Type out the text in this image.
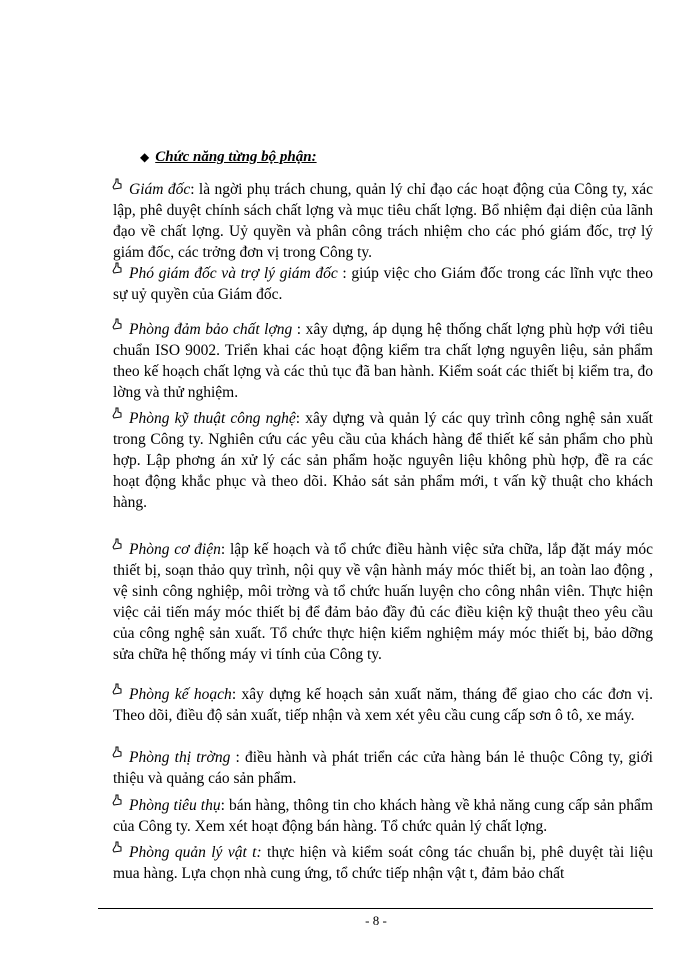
◆ Chức năng từng bộ phận:

Giám đốc: là ngời phụ trách chung, quản lý chỉ đạo các hoạt động của Công ty, xác lập, phê duyệt chính sách chất lợng và mục tiêu chất lợng. Bổ nhiệm đại diện của lãnh đạo về chất lợng. Uỷ quyền và phân công trách nhiệm cho các phó giám đốc, trợ lý giám đốc, các trởng đơn vị trong Công ty.

Phó giám đốc và trợ lý giám đốc : giúp việc cho Giám đốc trong các lĩnh vực theo sự uỷ quyền của Giám đốc.

Phòng đảm bảo chất lợng : xây dựng, áp dụng hệ thống chất lợng phù hợp với tiêu chuẩn ISO 9002. Triển khai các hoạt động kiểm tra chất lợng nguyên liệu, sản phẩm theo kế hoạch chất lợng và các thủ tục đã ban hành. Kiểm soát các thiết bị kiểm tra, đo lờng và thử nghiệm.

Phòng kỹ thuật công nghệ: xây dựng và quản lý các quy trình công nghệ sản xuất trong Công ty. Nghiên cứu các yêu cầu của khách hàng để thiết kế sản phẩm cho phù hợp. Lập phơng án xử lý các sản phẩm hoặc nguyên liệu không phù hợp, đề ra các hoạt động khắc phục và theo dõi. Khảo sát sản phẩm mới, t vấn kỹ thuật cho khách hàng.

Phòng cơ điện: lập kế hoạch và tổ chức điều hành việc sửa chữa, lắp đặt máy móc thiết bị, soạn thảo quy trình, nội quy về vận hành máy móc thiết bị, an toàn lao động , vệ sinh công nghiệp, môi trờng và tổ chức huấn luyện cho công nhân viên. Thực hiện việc cải tiến máy móc thiết bị để đảm bảo đầy đủ các điều kiện kỹ thuật theo yêu cầu của công nghệ sản xuất. Tổ chức thực hiện kiểm nghiệm máy móc thiết bị, bảo dỡng sửa chữa hệ thống máy vi tính của Công ty.

Phòng kế hoạch: xây dựng kế hoạch sản xuất năm, tháng để giao cho các đơn vị. Theo dõi, điều độ sản xuất, tiếp nhận và xem xét yêu cầu cung cấp sơn ô tô, xe máy.

Phòng thị trờng : điều hành và phát triển các cửa hàng bán lẻ thuộc Công ty, giới thiệu và quảng cáo sản phẩm.

Phòng tiêu thụ: bán hàng, thông tin cho khách hàng về khả năng cung cấp sản phẩm của Công ty. Xem xét hoạt động bán hàng. Tổ chức quản lý chất lợng.

Phòng quản lý vật t: thực hiện và kiểm soát công tác chuẩn bị, phê duyệt tài liệu mua hàng. Lựa chọn nhà cung ứng, tổ chức tiếp nhận vật t, đảm bảo chất

- 8 -
